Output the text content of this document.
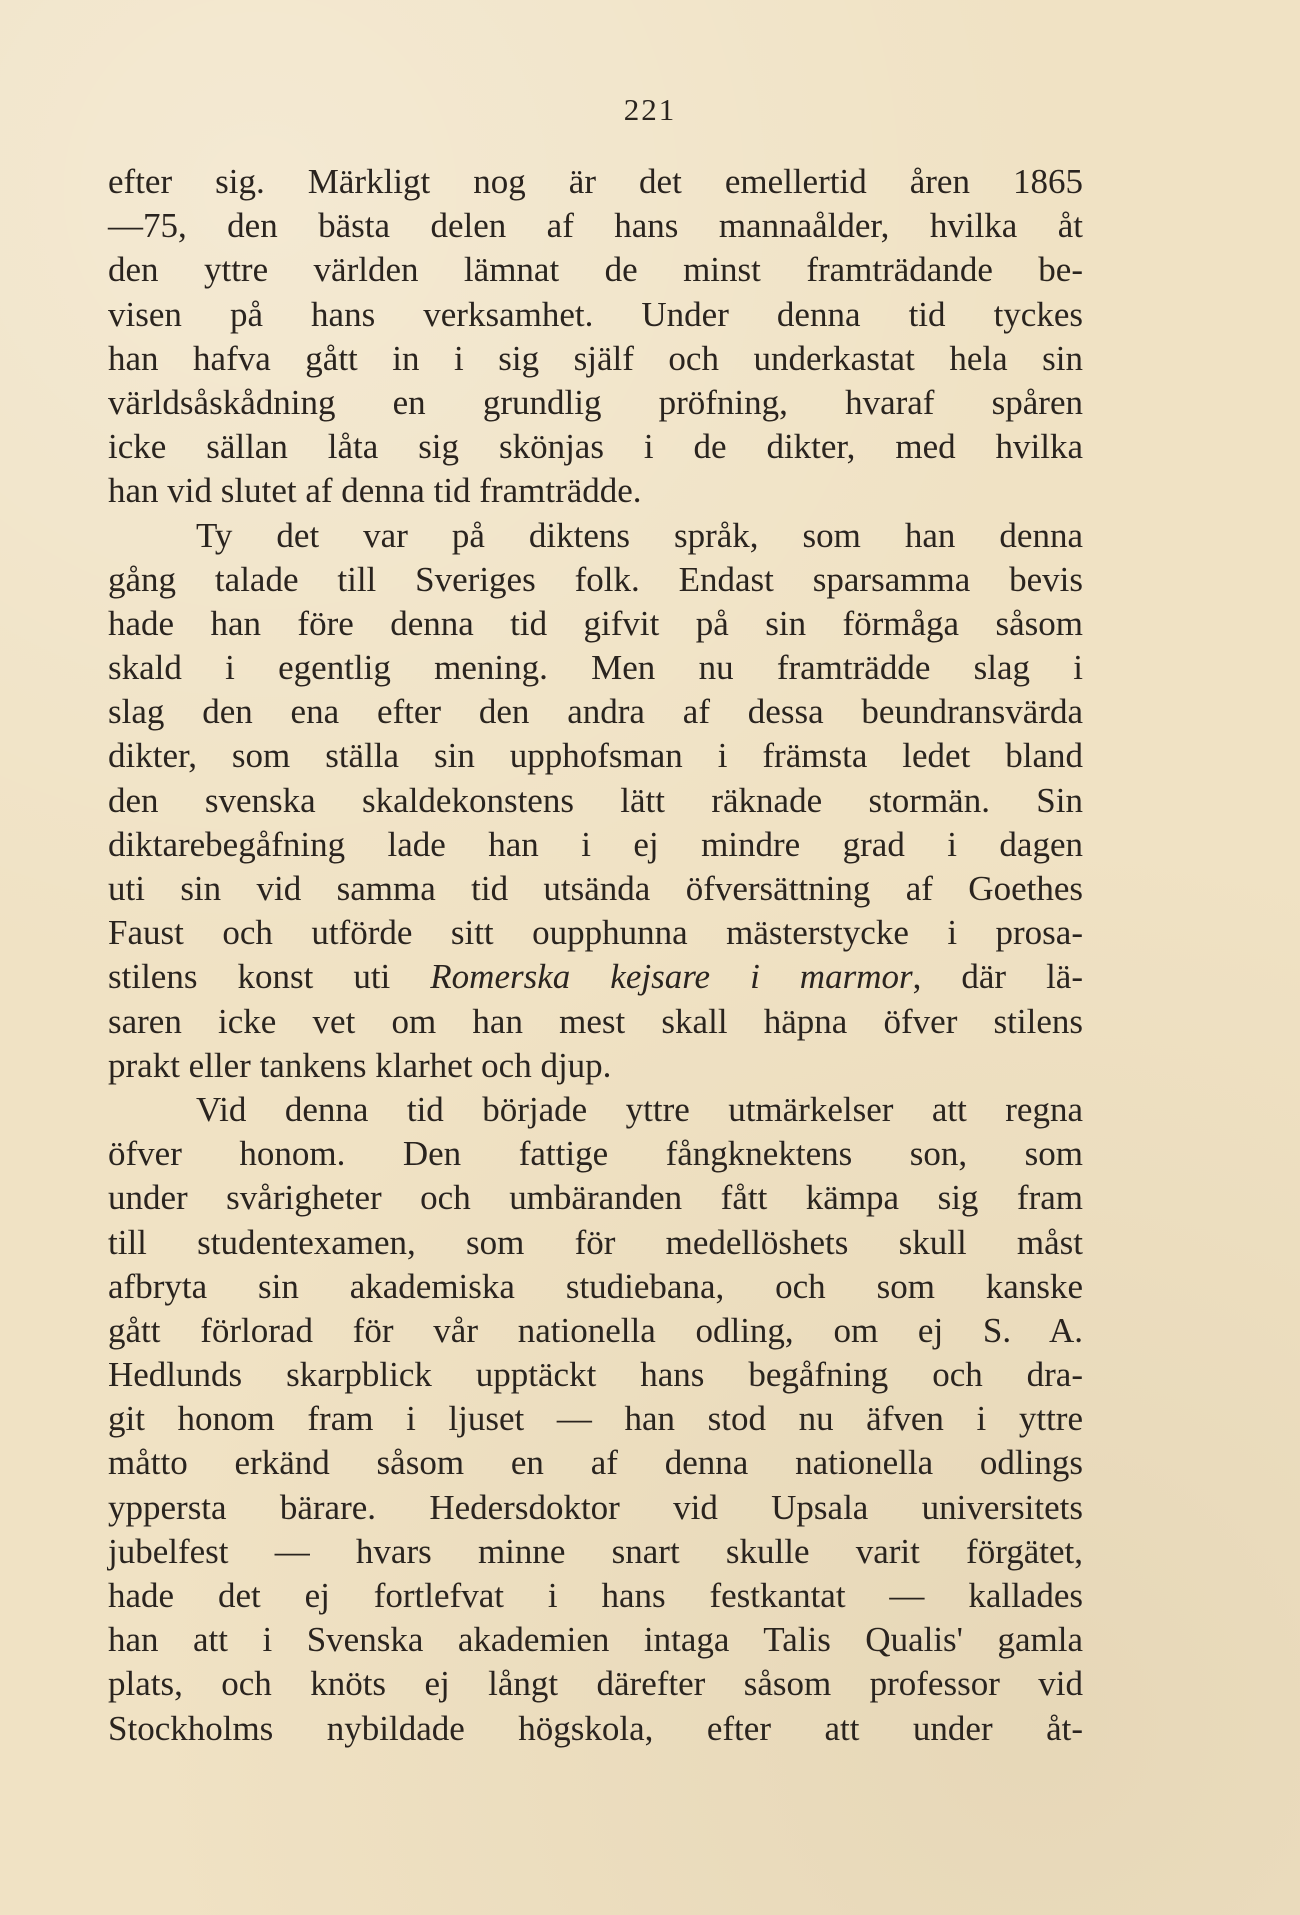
221
efter sig. Märkligt nog är det emellertid åren 1865
—75, den bästa delen af hans mannaålder, hvilka åt
den yttre världen lämnat de minst framträdande be-
visen på hans verksamhet. Under denna tid tyckes
han hafva gått in i sig själf och underkastat hela sin
världsåskådning en grundlig pröfning, hvaraf spåren
icke sällan låta sig skönjas i de dikter, med hvilka
han vid slutet af denna tid framträdde.
Ty det var på diktens språk, som han denna
gång talade till Sveriges folk. Endast sparsamma bevis
hade han före denna tid gifvit på sin förmåga såsom
skald i egentlig mening. Men nu framträdde slag i
slag den ena efter den andra af dessa beundransvärda
dikter, som ställa sin upphofsman i främsta ledet bland
den svenska skaldekonstens lätt räknade stormän. Sin
diktarebegåfning lade han i ej mindre grad i dagen
uti sin vid samma tid utsända öfversättning af Goethes
Faust och utförde sitt oupphunna mästerstycke i prosa-
stilens konst uti Romerska kejsare i marmor, där lä-
saren icke vet om han mest skall häpna öfver stilens
prakt eller tankens klarhet och djup.
Vid denna tid började yttre utmärkelser att regna
öfver honom. Den fattige fångknektens son, som
under svårigheter och umbäranden fått kämpa sig fram
till studentexamen, som för medellöshets skull måst
afbryta sin akademiska studiebana, och som kanske
gått förlorad för vår nationella odling, om ej S. A.
Hedlunds skarpblick upptäckt hans begåfning och dra-
git honom fram i ljuset — han stod nu äfven i yttre
måtto erkänd såsom en af denna nationella odlings
yppersta bärare. Hedersdoktor vid Upsala universitets
jubelfest — hvars minne snart skulle varit förgätet,
hade det ej fortlefvat i hans festkantat — kallades
han att i Svenska akademien intaga Talis Qualis' gamla
plats, och knöts ej långt därefter såsom professor vid
Stockholms nybildade högskola, efter att under åt-
